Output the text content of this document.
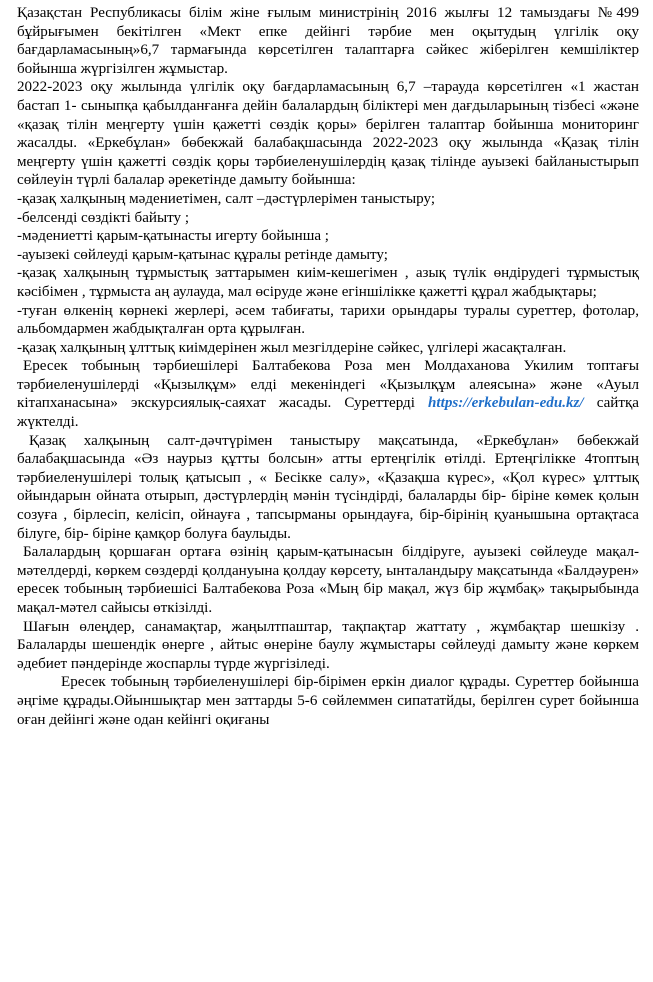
Қазақстан Республикасы білім жіне ғылым министрінің 2016 жылғы 12 тамыздағы №499 бұйрығымен бекітілген «Мект епке дейінгі тәрбие мен оқытудың үлгілік оқу бағдарламасының»6,7 тармағында көрсетілген талаптарға сәйкес жіберілген кемшіліктер бойынша жүргізілген жұмыстар.

2022-2023 оқу жылында үлгілік оқу бағдарламасының 6,7 –тарауда көрсетілген «1 жастан бастап 1- сыныпқа қабылданғанға дейін балалардың біліктері мен дағдыларының тізбесі «және «қазақ тілін меңгерту үшін қажетті сөздік қоры» берілген талаптар бойынша мониторинг жасалды. «Еркебұлан» бөбекжай балабақшасында 2022-2023 оқу жылында «Қазақ тілін меңгерту үшін қажетті сөздік қоры тәрбиеленушілердің қазақ тілінде ауызекі байланыстырып сөйлеуін түрлі балалар әрекетінде дамыту бойынша:

-қазақ халқының мәдениетімен, салт –дәстүрлерімен таныстыру;

-белсенді сөздікті байыту ;

-мәдениетті қарым-қатынасты игерту бойынша ;

-ауызекі сөйлеуді қарым-қатынас құралы ретінде дамыту;

-қазақ халқының тұрмыстық заттарымен киім-кешегімен , азық түлік өндірудегі тұрмыстық кәсібімен , тұрмыста аң аулауда, мал өсіруде және егіншілікке қажетті құрал жабдықтары;

-туған өлкенің көрнекі жерлері, әсем табиғаты, тарихи орындары туралы суреттер, фотолар, альбомдармен жабдықталған орта құрылған.

-қазақ халқының ұлттық киімдерінен жыл мезгілдеріне сәйкес, үлгілері жасақталған.

Ересек тобының тәрбиешілері Балтабекова Роза мен Молдаханова Укилим топтағы тәрбиеленушілерді «Қызылқұм» елді мекеніндегі «Қызылқұм алеясына» және «Ауыл кітапханасына» экскурсиялық-саяхат жасады. Суреттерді https://erkebulan-edu.kz/ сайтқа жүктелді.

Қазақ халқының салт-дәчтүрімен таныстыру мақсатында, «Еркебұлан» бөбекжай балабақшасында «Әз наурыз құтты болсын» атты ертеңгілік өтілді. Ертеңгілікке 4топтың тәрбиеленушілері толық қатысып , « Бесікке салу», «Қазақша күрес», «Қол күрес» ұлттық ойындарын ойната отырып, дәстүрлердің мәнін түсіндірді, балаларды бір- біріне көмек қолын созуға , бірлесіп, келісіп, ойнауға , тапсырманы орындауға, бір-бірінің қуанышына ортақтаса білуге, бір- біріне қамқор болуға баулыды.

Балалардың қоршаған ортаға өзінің қарым-қатынасын білдіруге, ауызекі сөйлеуде мақал-мәтелдерді, көркем сөздерді қолдануына қолдау көрсету, ынталандыру мақсатында «Балдәурен» ересек тобының тәрбиешісі Балтабекова Роза «Мың бір мақал, жүз бір жұмбақ» тақырыбында мақал-мәтел сайысы өткізілді.

Шағын өлеңдер, санамақтар, жаңылтпаштар, тақпақтар жаттату , жұмбақтар шешкізу . Балаларды шешендік өнерге , айтыс өнеріне баулу жұмыстары сөйлеуді дамыту және көркем әдебиет пәндерінде жоспарлы түрде жүргізіледі.

Ересек тобының тәрбиеленушілері бір-бірімен еркін диалог құрады. Суреттер бойынша әңгіме құрады.Ойыншықтар мен заттарды 5-6 сөйлеммен сипататйды, берілген сурет бойынша оған дейінгі және одан кейінгі оқиғаны
